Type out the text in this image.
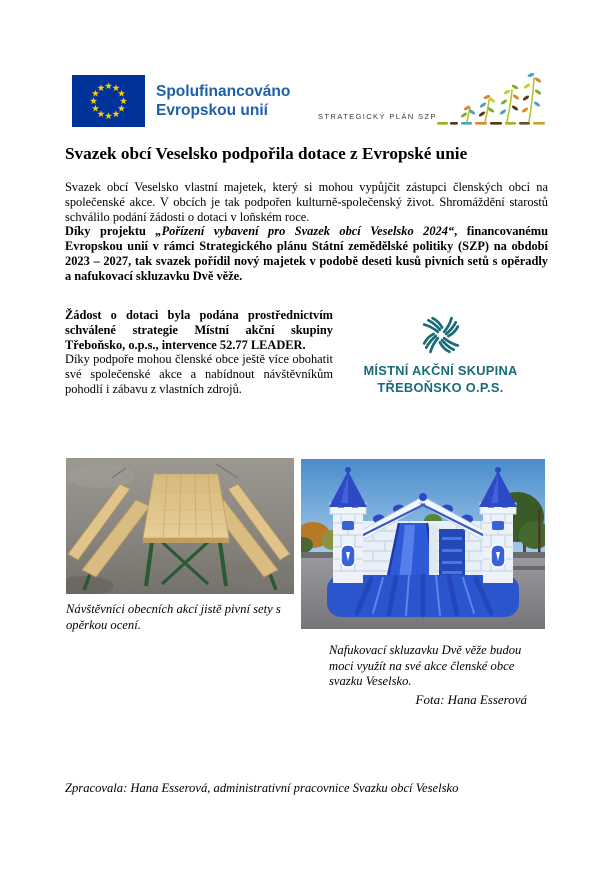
Spolufinancováno
Evropskou unií	STRATEGICKÝ PLÁN SZP
Svazek obcí Veselsko podpořila dotace z Evropské unie

Svazek obcí Veselsko vlastní majetek, který si mohou vypůjčit zástupci členských obcí na společenské akce. V obcích je tak podpořen kulturně-společenský život. Shromáždění starostů schválilo podání žádosti o dotaci v loňském roce.

Díky projektu „Pořízení vybavení pro Svazek obcí Veselsko 2024“, financovanému Evropskou unií v rámci Strategického plánu Státní zemědělské politiky (SZP) na období 2023 – 2027, tak svazek pořídil nový majetek v podobě deseti kusů pivních setů s opěradly a nafukovací skluzavku Dvě věže.

Žádost o dotaci byla podána prostřednictvím schválené strategie Místní akční skupiny Třeboňsko, o.p.s., intervence 52.77 LEADER.

Díky podpoře mohou členské obce ještě více obohatit své společenské akce a nabídnout návštěvníkům pohodlí i zábavu z vlastních zdrojů.

MÍSTNÍ AKČNÍ SKUPINA
TŘEBOŇSKO O.P.S.
Návštěvníci obecních akcí jistě pivní sety s opěrkou ocení.
Nafukovací skluzavku Dvě věže budou moci využít na své akce členské obce svazku Veselsko.
Fota: Hana Esserová

Zpracovala: Hana Esserová, administrativní pracovnice Svazku obcí Veselsko
